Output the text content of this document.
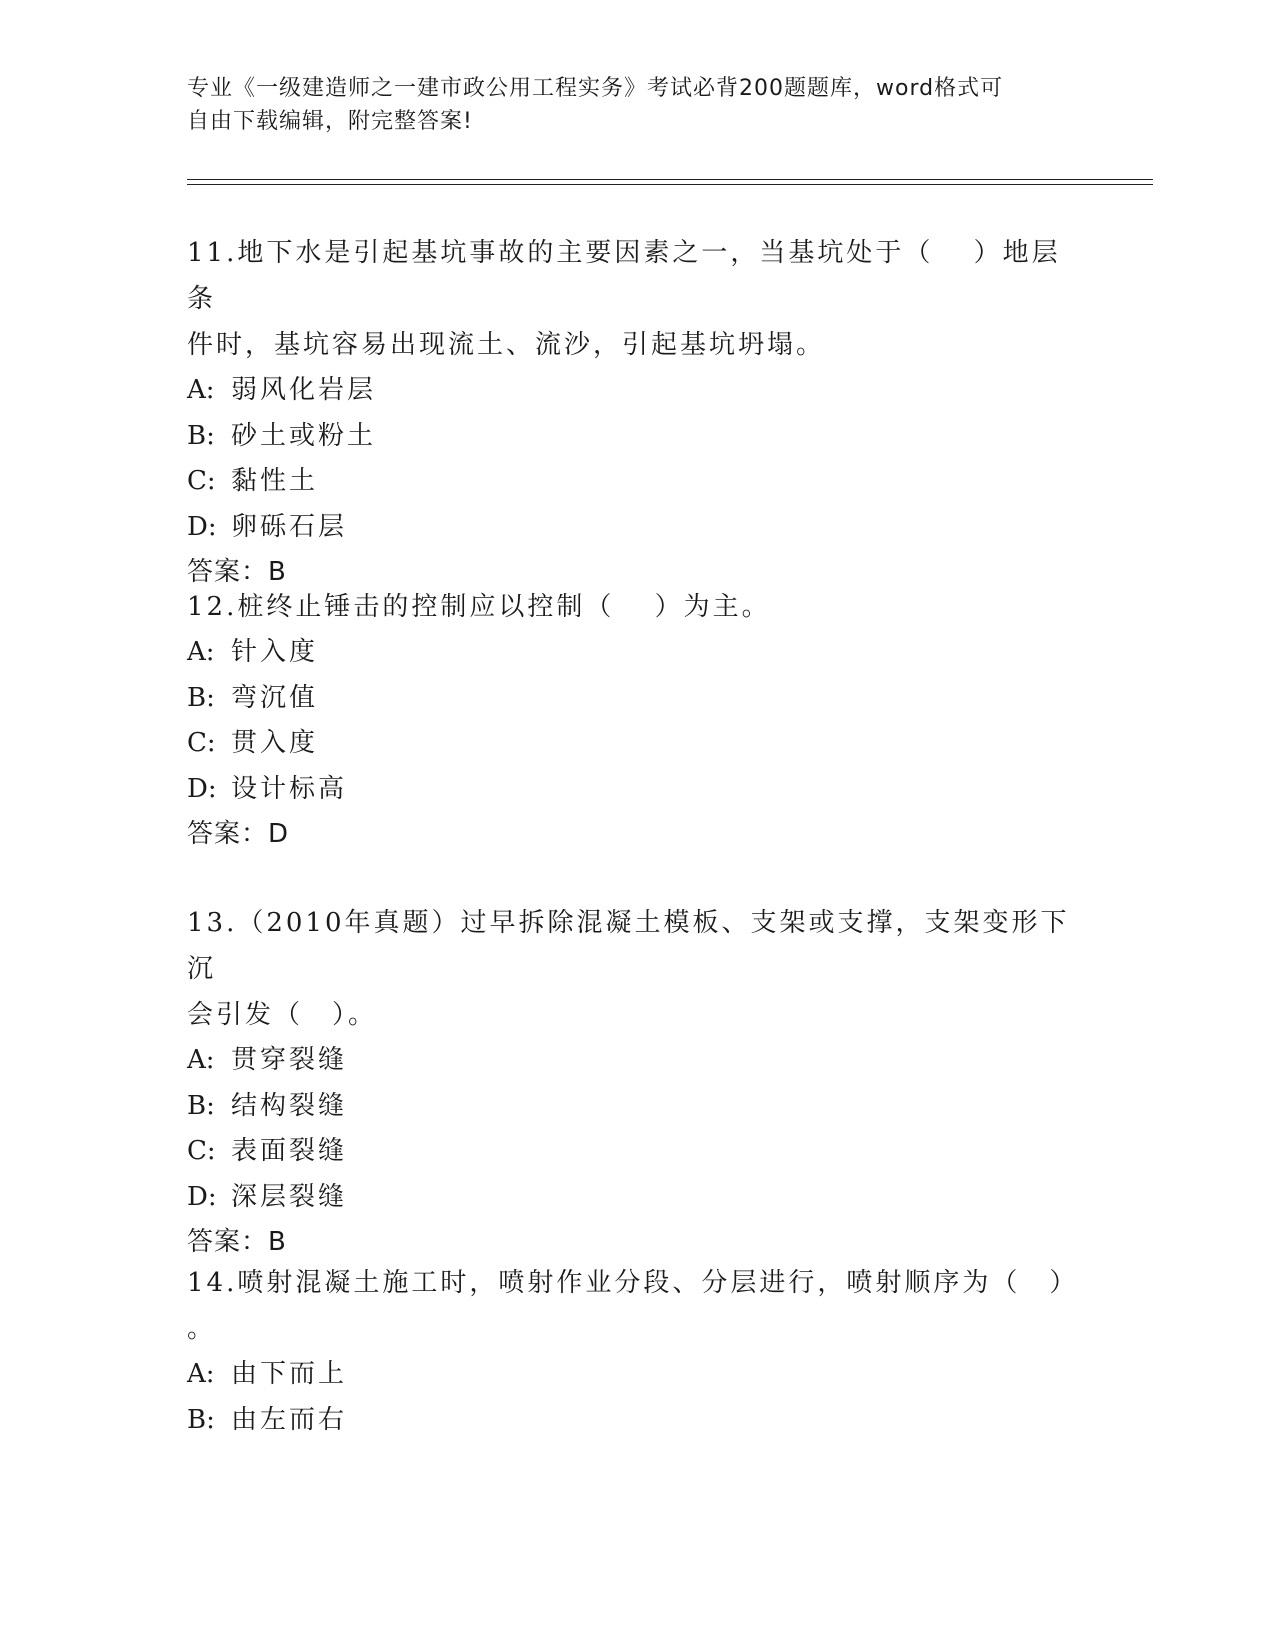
专业《一级建造师之一建市政公用工程实务》考试必背200题题库，word格式可
自由下载编辑，附完整答案!
11.地下水是引起基坑事故的主要因素之一，当基坑处于（　 ）地层条
件时，基坑容易出现流土、流沙，引起基坑坍塌。
A: 弱风化岩层
B: 砂土或粉土
C: 黏性土
D: 卵砾石层
答案：B
12.桩终止锤击的控制应以控制（　 ）为主。
A: 针入度
B: 弯沉值
C: 贯入度
D: 设计标高
答案：D
13.（2010年真题）过早拆除混凝土模板、支架或支撑，支架变形下沉
会引发（　）。
A: 贯穿裂缝
B: 结构裂缝
C: 表面裂缝
D: 深层裂缝
答案：B
14.喷射混凝土施工时，喷射作业分段、分层进行，喷射顺序为（　）
。
A: 由下而上
B: 由左而右
